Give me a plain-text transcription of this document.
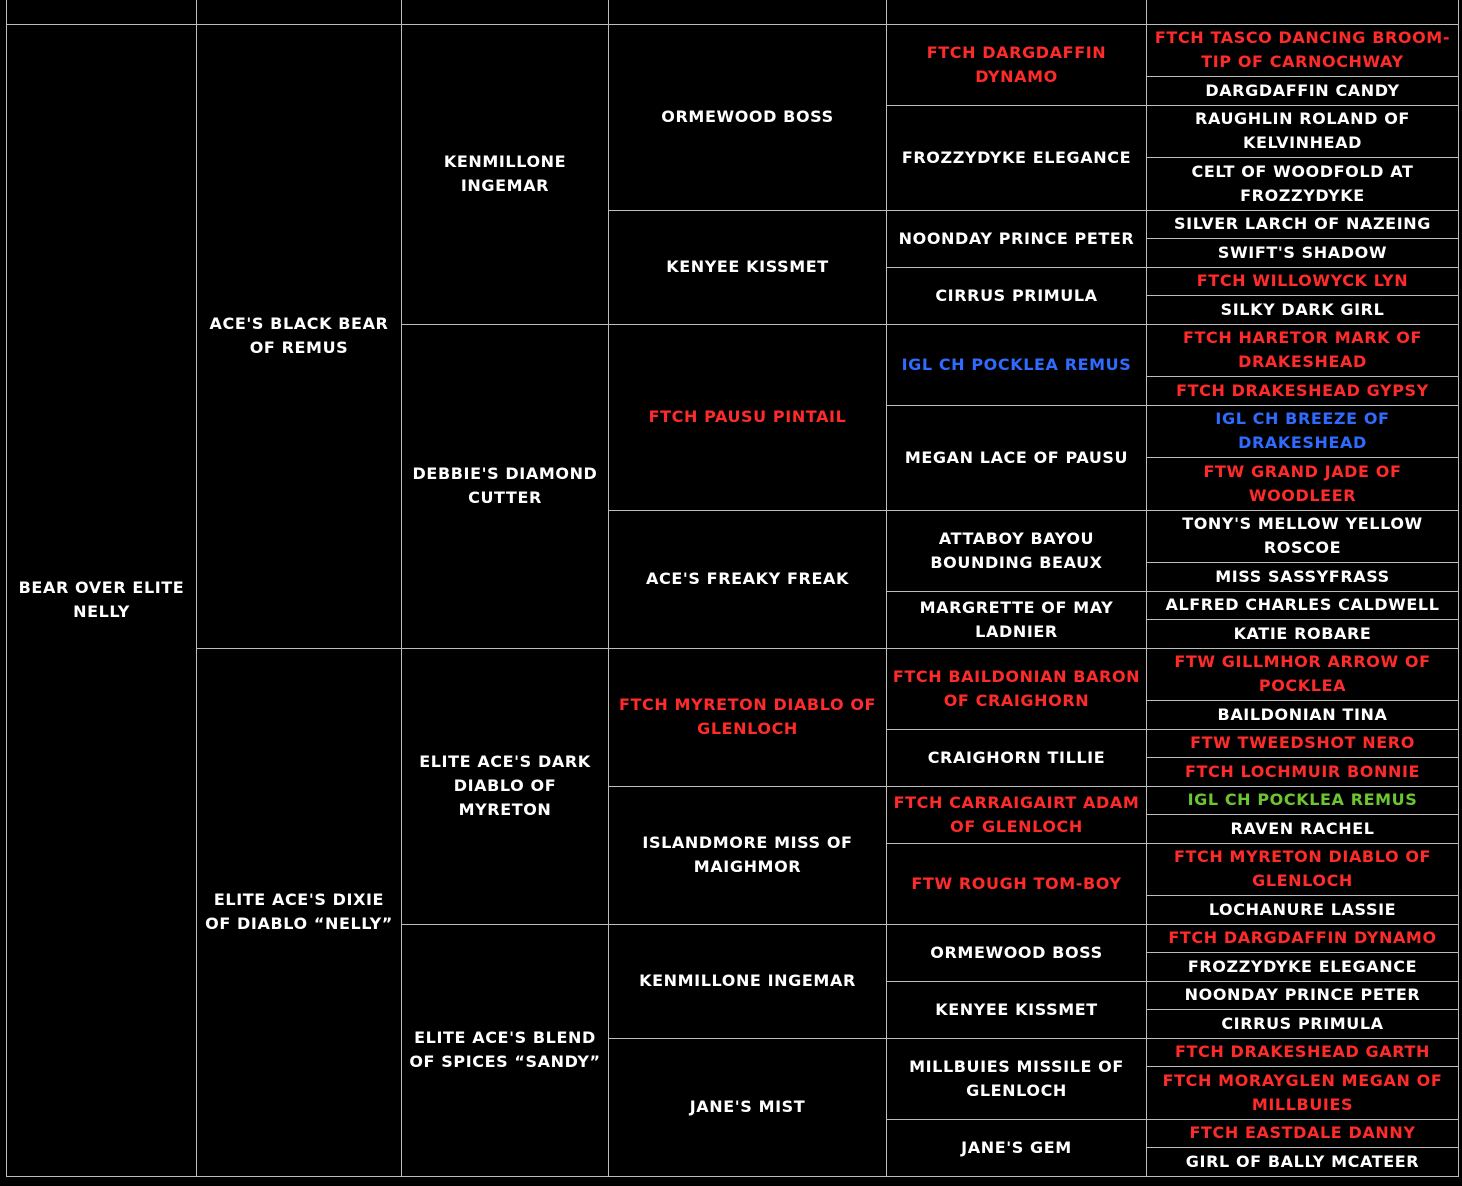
BEAR OVER ELITE NELLY	ACE'S BLACK BEAR OF REMUS	KENMILLONE INGEMAR	ORMEWOOD BOSS	FTCH DARGDAFFIN DYNAMO	FTCH TASCO DANCING BROOM-TIP OF CARNOCHWAY
					DARGDAFFIN CANDY
				FROZZYDYKE ELEGANCE	RAUGHLIN ROLAND OF KELVINHEAD
					CELT OF WOODFOLD AT FROZZYDYKE
			KENYEE KISSMET	NOONDAY PRINCE PETER	SILVER LARCH OF NAZEING
					SWIFT'S SHADOW
				CIRRUS PRIMULA	FTCH WILLOWYCK LYN
					SILKY DARK GIRL
		DEBBIE'S DIAMOND CUTTER	FTCH PAUSU PINTAIL	IGL CH POCKLEA REMUS	FTCH HARETOR MARK OF DRAKESHEAD
					FTCH DRAKESHEAD GYPSY
				MEGAN LACE OF PAUSU	IGL CH BREEZE OF DRAKESHEAD
					FTW GRAND JADE OF WOODLEER
			ACE'S FREAKY FREAK	ATTABOY BAYOU BOUNDING BEAUX	TONY'S MELLOW YELLOW ROSCOE
					MISS SASSYFRASS
				MARGRETTE OF MAY LADNIER	ALFRED CHARLES CALDWELL
					KATIE ROBARE
	ELITE ACE'S DIXIE OF DIABLO “NELLY”	ELITE ACE'S DARK DIABLO OF MYRETON	FTCH MYRETON DIABLO OF GLENLOCH	FTCH BAILDONIAN BARON OF CRAIGHORN	FTW GILLMHOR ARROW OF POCKLEA
					BAILDONIAN TINA
				CRAIGHORN TILLIE	FTW TWEEDSHOT NERO
					FTCH LOCHMUIR BONNIE
			ISLANDMORE MISS OF MAIGHMOR	FTCH CARRAIGAIRT ADAM OF GLENLOCH	IGL CH POCKLEA REMUS
					RAVEN RACHEL
				FTW ROUGH TOM-BOY	FTCH MYRETON DIABLO OF GLENLOCH
					LOCHANURE LASSIE
		ELITE ACE'S BLEND OF SPICES “SANDY”	KENMILLONE INGEMAR	ORMEWOOD BOSS	FTCH DARGDAFFIN DYNAMO
					FROZZYDYKE ELEGANCE
				KENYEE KISSMET	NOONDAY PRINCE PETER
					CIRRUS PRIMULA
			JANE'S MIST	MILLBUIES MISSILE OF GLENLOCH	FTCH DRAKESHEAD GARTH
					FTCH MORAYGLEN MEGAN OF MILLBUIES
				JANE'S GEM	FTCH EASTDALE DANNY
					GIRL OF BALLY MCATEER
